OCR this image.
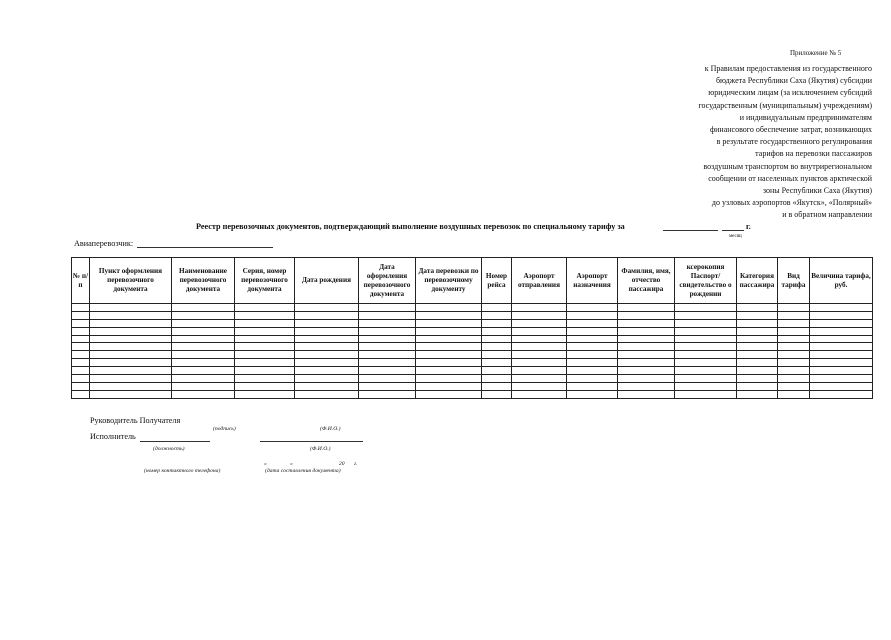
Приложение № 5
к Правилам предоставления из государственного
бюджета Республики Саха (Якутия) субсидии
юридическим лицам (за исключением субсидий
государственным (муниципальным) учреждениям)
и индивидуальным предпринимателям
финансового обеспечение затрат, возникающих
в результате государственного регулирования
тарифов на перевозки пассажиров
воздушным транспортом во внутрирегиональном
сообщении от населенных пунктов арктической
зоны Республики Саха (Якутия)
до узловых аэропортов «Якутск», «Полярный»
и в обратном направлении
Реестр перевозочных документов, подтверждающий выполнение воздушных перевозок по специальному тарифу за	г.
месяц
Авиаперевозчик:
№ п/п	Пункт оформления перевозочного документа	Наименование перевозочного документа	Серия, номер перевозочного документа	Дата рождения	Дата оформления перевозочного документа	Дата перевозки по перевозочному документу	Номер рейса	Аэропорт отправления	Аэропорт назначения	Фамилия, имя, отчество пассажира	ксерокопия Паспорт/свидетельство о рождении	Категория пассажира	Вид тарифа	Величина тарифа, руб.

Руководитель Получателя
(подпись)	(Ф.И.О.)
Исполнитель
(должность)	(Ф.И.О.)
«	»	20 г.
(номер контактного телефона)	(дата составления документа)
